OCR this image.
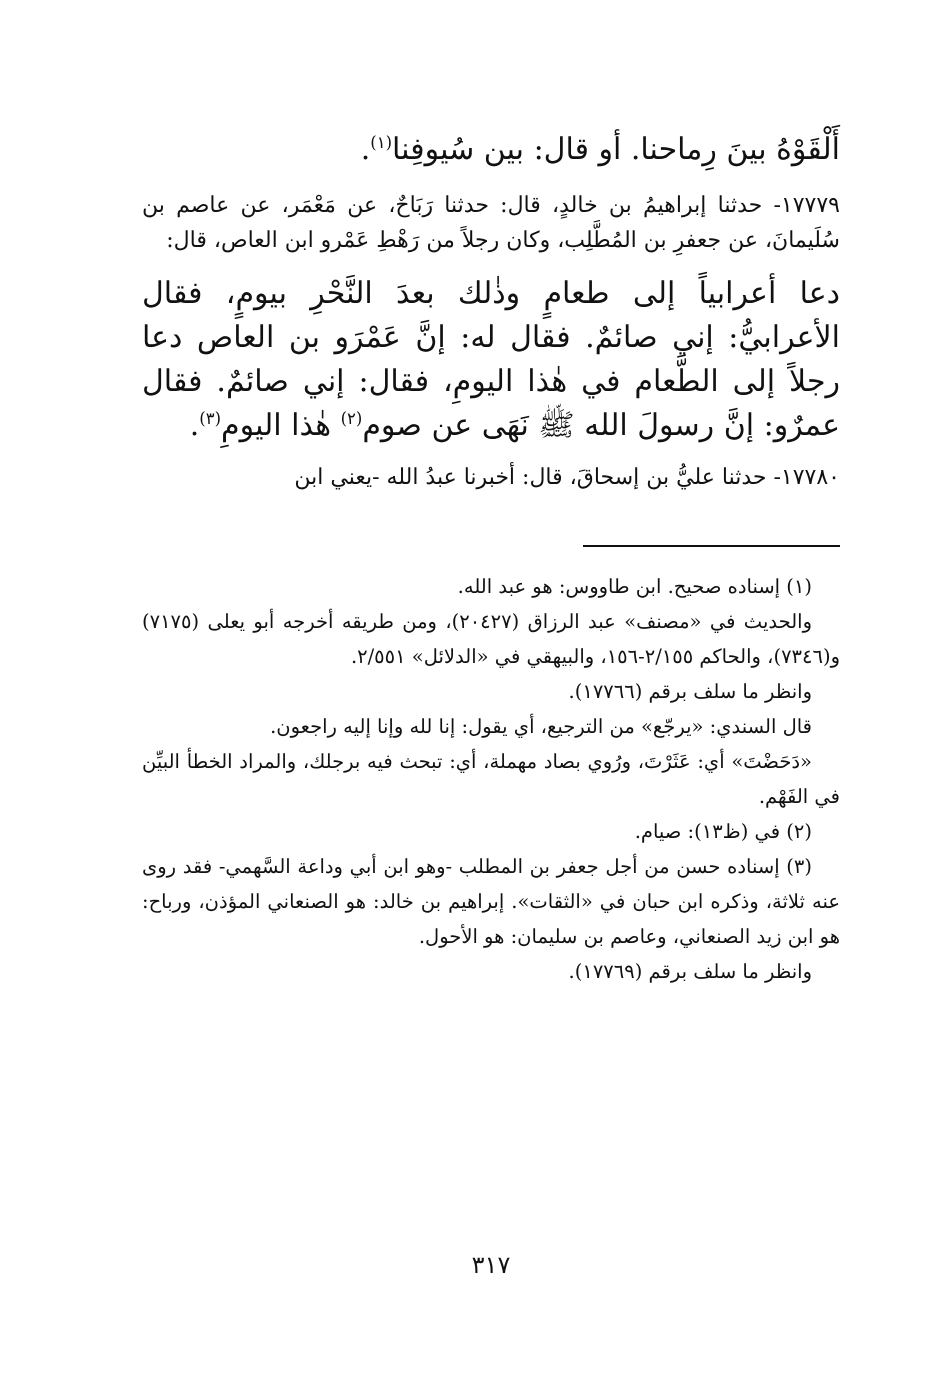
أَلْقَوْهُ بينَ رِماحنا. أو قال: بين سُيوفِنا$^{(١)}$.

١٧٧٧٩- حدثنا إبراهيمُ بن خالدٍ، قال: حدثنا رَبَاحٌ، عن مَعْمَر، عن عاصم بن سُلَيمانَ، عن جعفرِ بن المُطَّلِب، وكان رجلاً من رَهْطِ عَمْرو ابن العاص، قال:

دعا أعرابياً إلى طعامٍ وذٰلك بعدَ النَّحْرِ بيومٍ، فقال الأعرابيُّ: إني صائمٌ. فقال له: إنَّ عَمْرَو بن العاص دعا رجلاً إلى الطَّعام في هٰذا اليومِ، فقال: إني صائمٌ. فقال عمرٌو: إنَّ رسولَ الله ﷺ نَهَى عن صوم$^{(٢)}$ هٰذا اليومِ$^{(٣)}$.

١٧٧٨٠- حدثنا عليُّ بن إسحاقَ، قال: أخبرنا عبدُ الله -يعني ابن

(١) إسناده صحيح. ابن طاووس: هو عبد الله.

والحديث في «مصنف» عبد الرزاق (٢٠٤٢٧)، ومن طريقه أخرجه أبو يعلى (٧١٧٥) و(٧٣٤٦)، والحاكم ٢/١٥٥-١٥٦، والبيهقي في «الدلائل» ٢/٥٥١.

وانظر ما سلف برقم (١٧٧٦٦).

قال السندي: «يرجّع» من الترجيع، أي يقول: إنا لله وإنا إليه راجعون.

«دَحَضْتَ» أي: عَثَرْتَ، ورُوي بصاد مهملة، أي: تبحث فيه برجلك، والمراد الخطأ البيِّن في الفَهْم.

(٢) في (ظ١٣): صيام.

(٣) إسناده حسن من أجل جعفر بن المطلب -وهو ابن أبي وداعة السَّهمي- فقد روى عنه ثلاثة، وذكره ابن حبان في «الثقات». إبراهيم بن خالد: هو الصنعاني المؤذن، ورباح: هو ابن زيد الصنعاني، وعاصم بن سليمان: هو الأحول.

وانظر ما سلف برقم (١٧٧٦٩).

٣١٧
